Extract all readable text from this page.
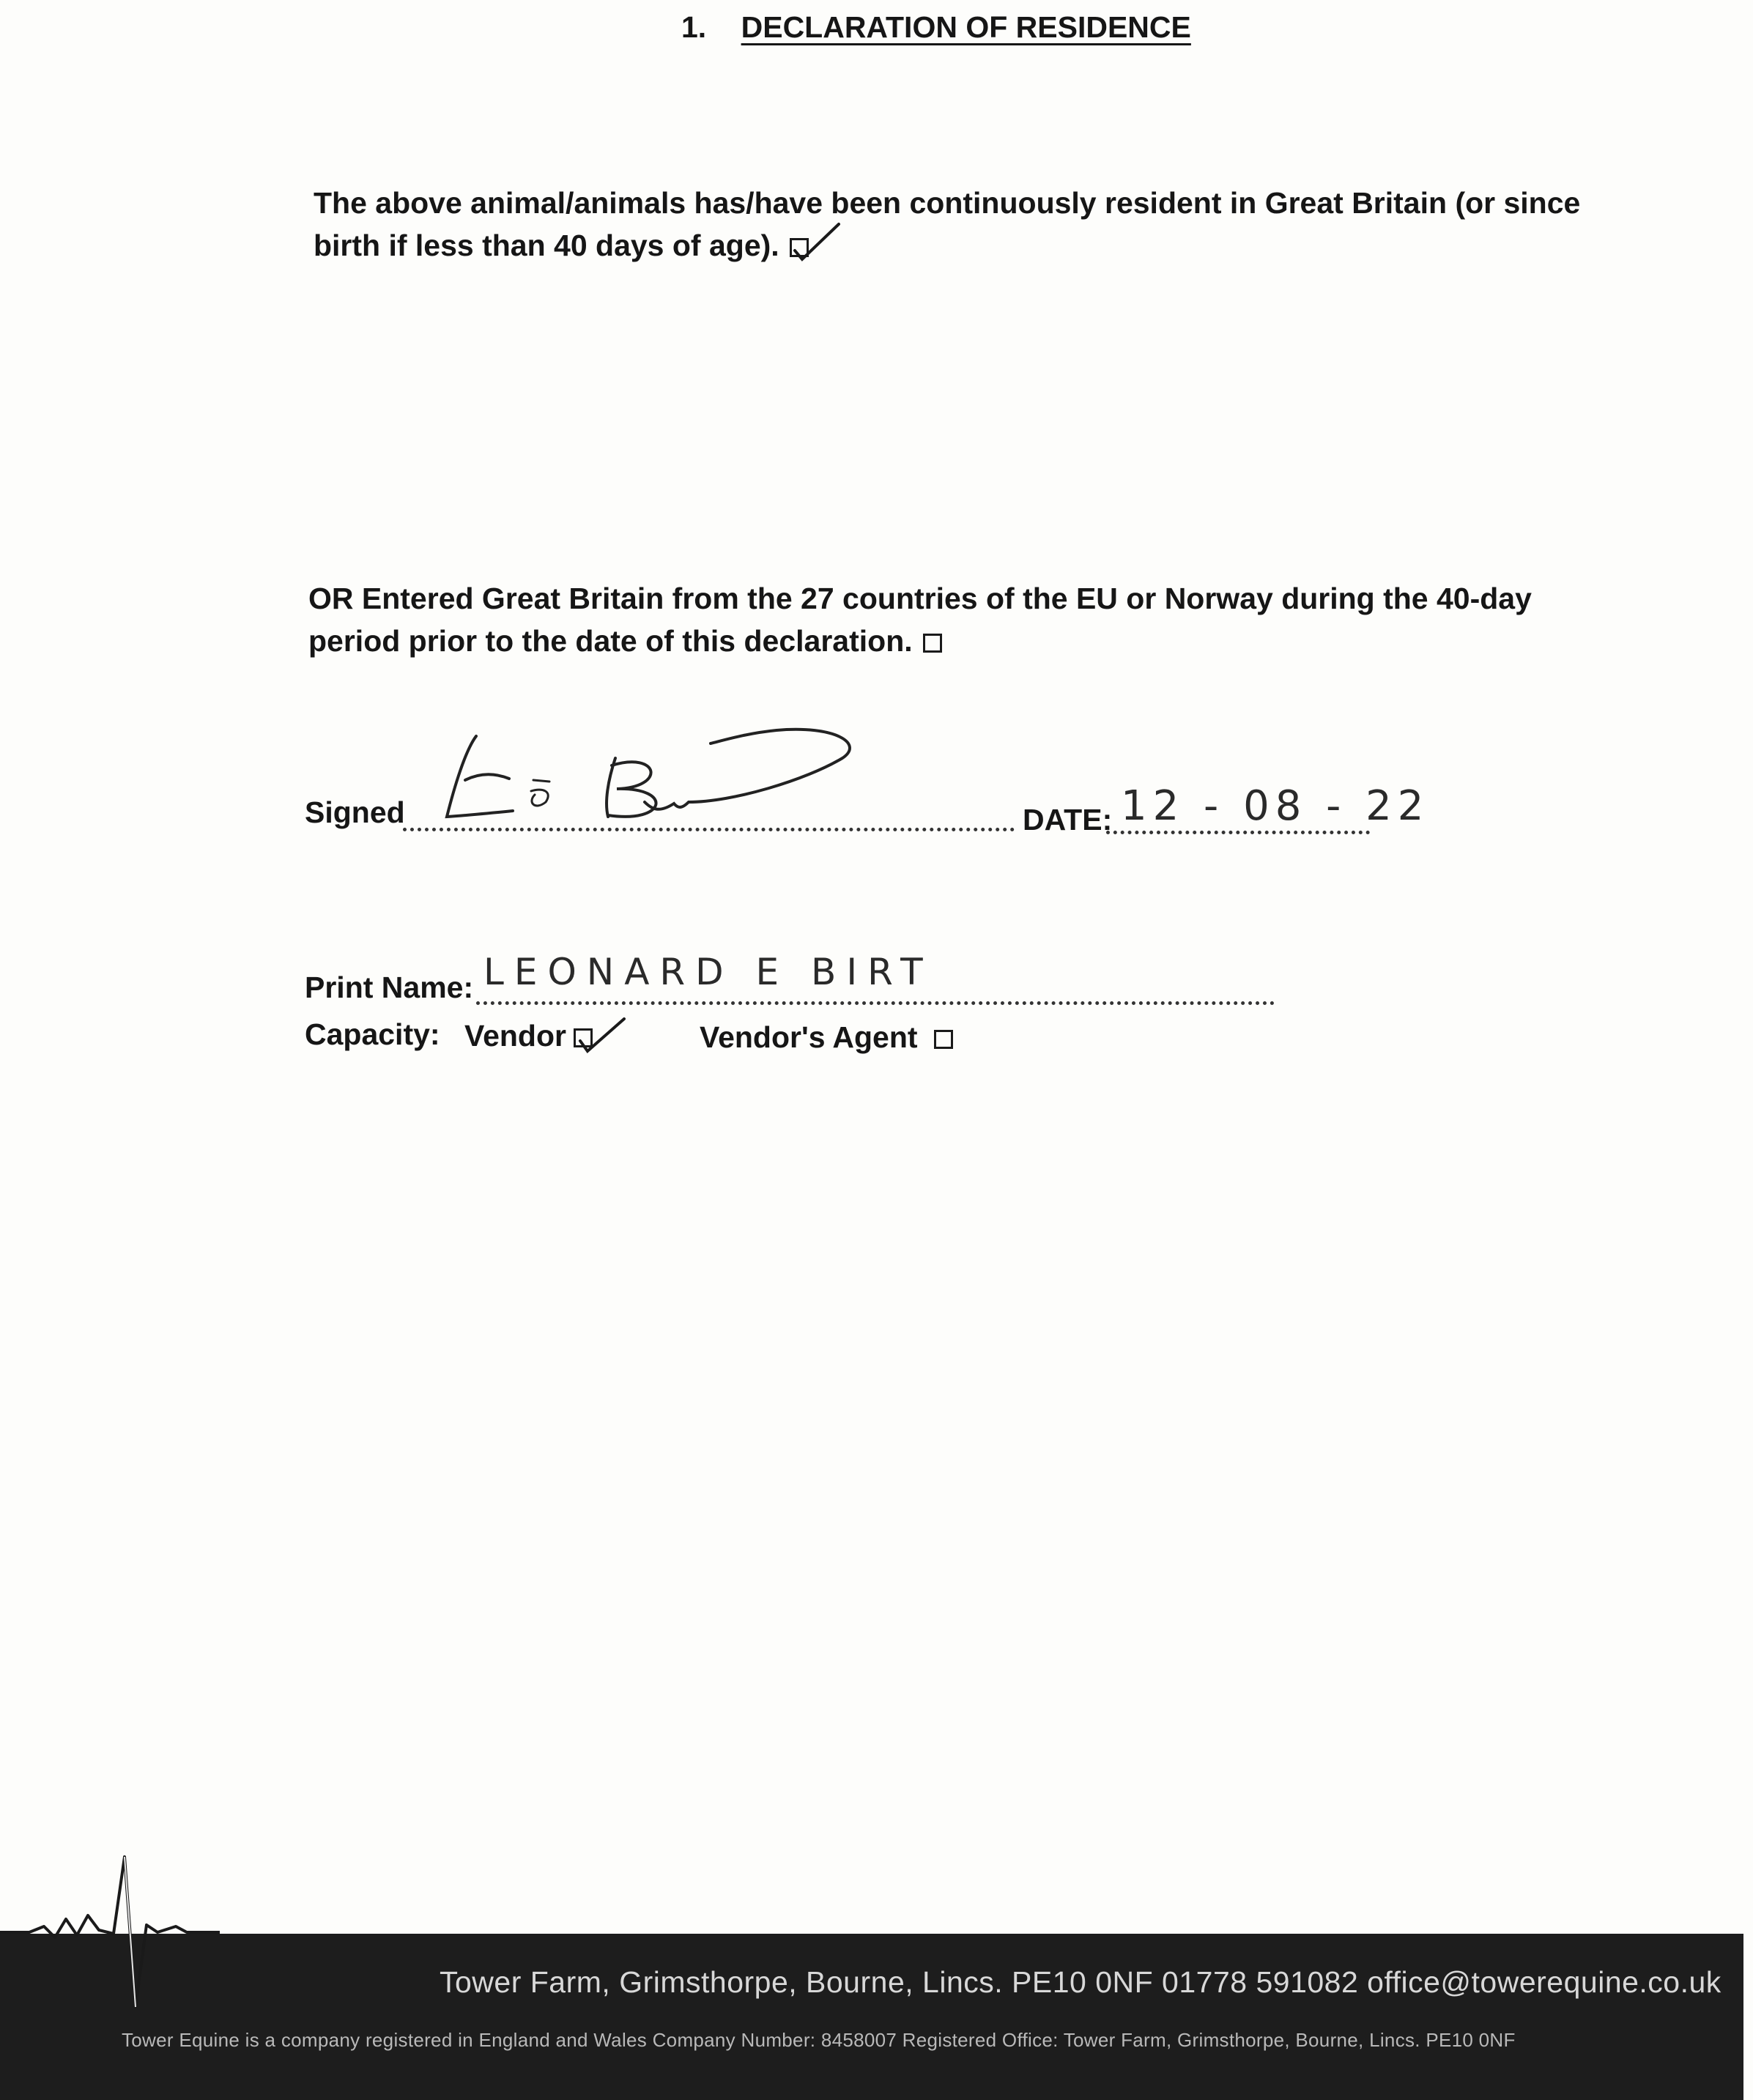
1. DECLARATION OF RESIDENCE
The above animal/animals has/have been continuously resident in Great Britain (or since
birth if less than 40 days of age).
OR Entered Great Britain from the 27 countries of the EU or Norway during the 40-day
period prior to the date of this declaration.
Signed	DATE: 12 - 08 - 22
Print Name: LEONARD E BIRT
Capacity: Vendor	Vendor's Agent
Tower Farm, Grimsthorpe, Bourne, Lincs. PE10 0NF 01778 591082 office@towerequine.co.uk
Tower Equine is a company registered in England and Wales Company Number: 8458007 Registered Office: Tower Farm, Grimsthorpe, Bourne, Lincs. PE10 0NF
